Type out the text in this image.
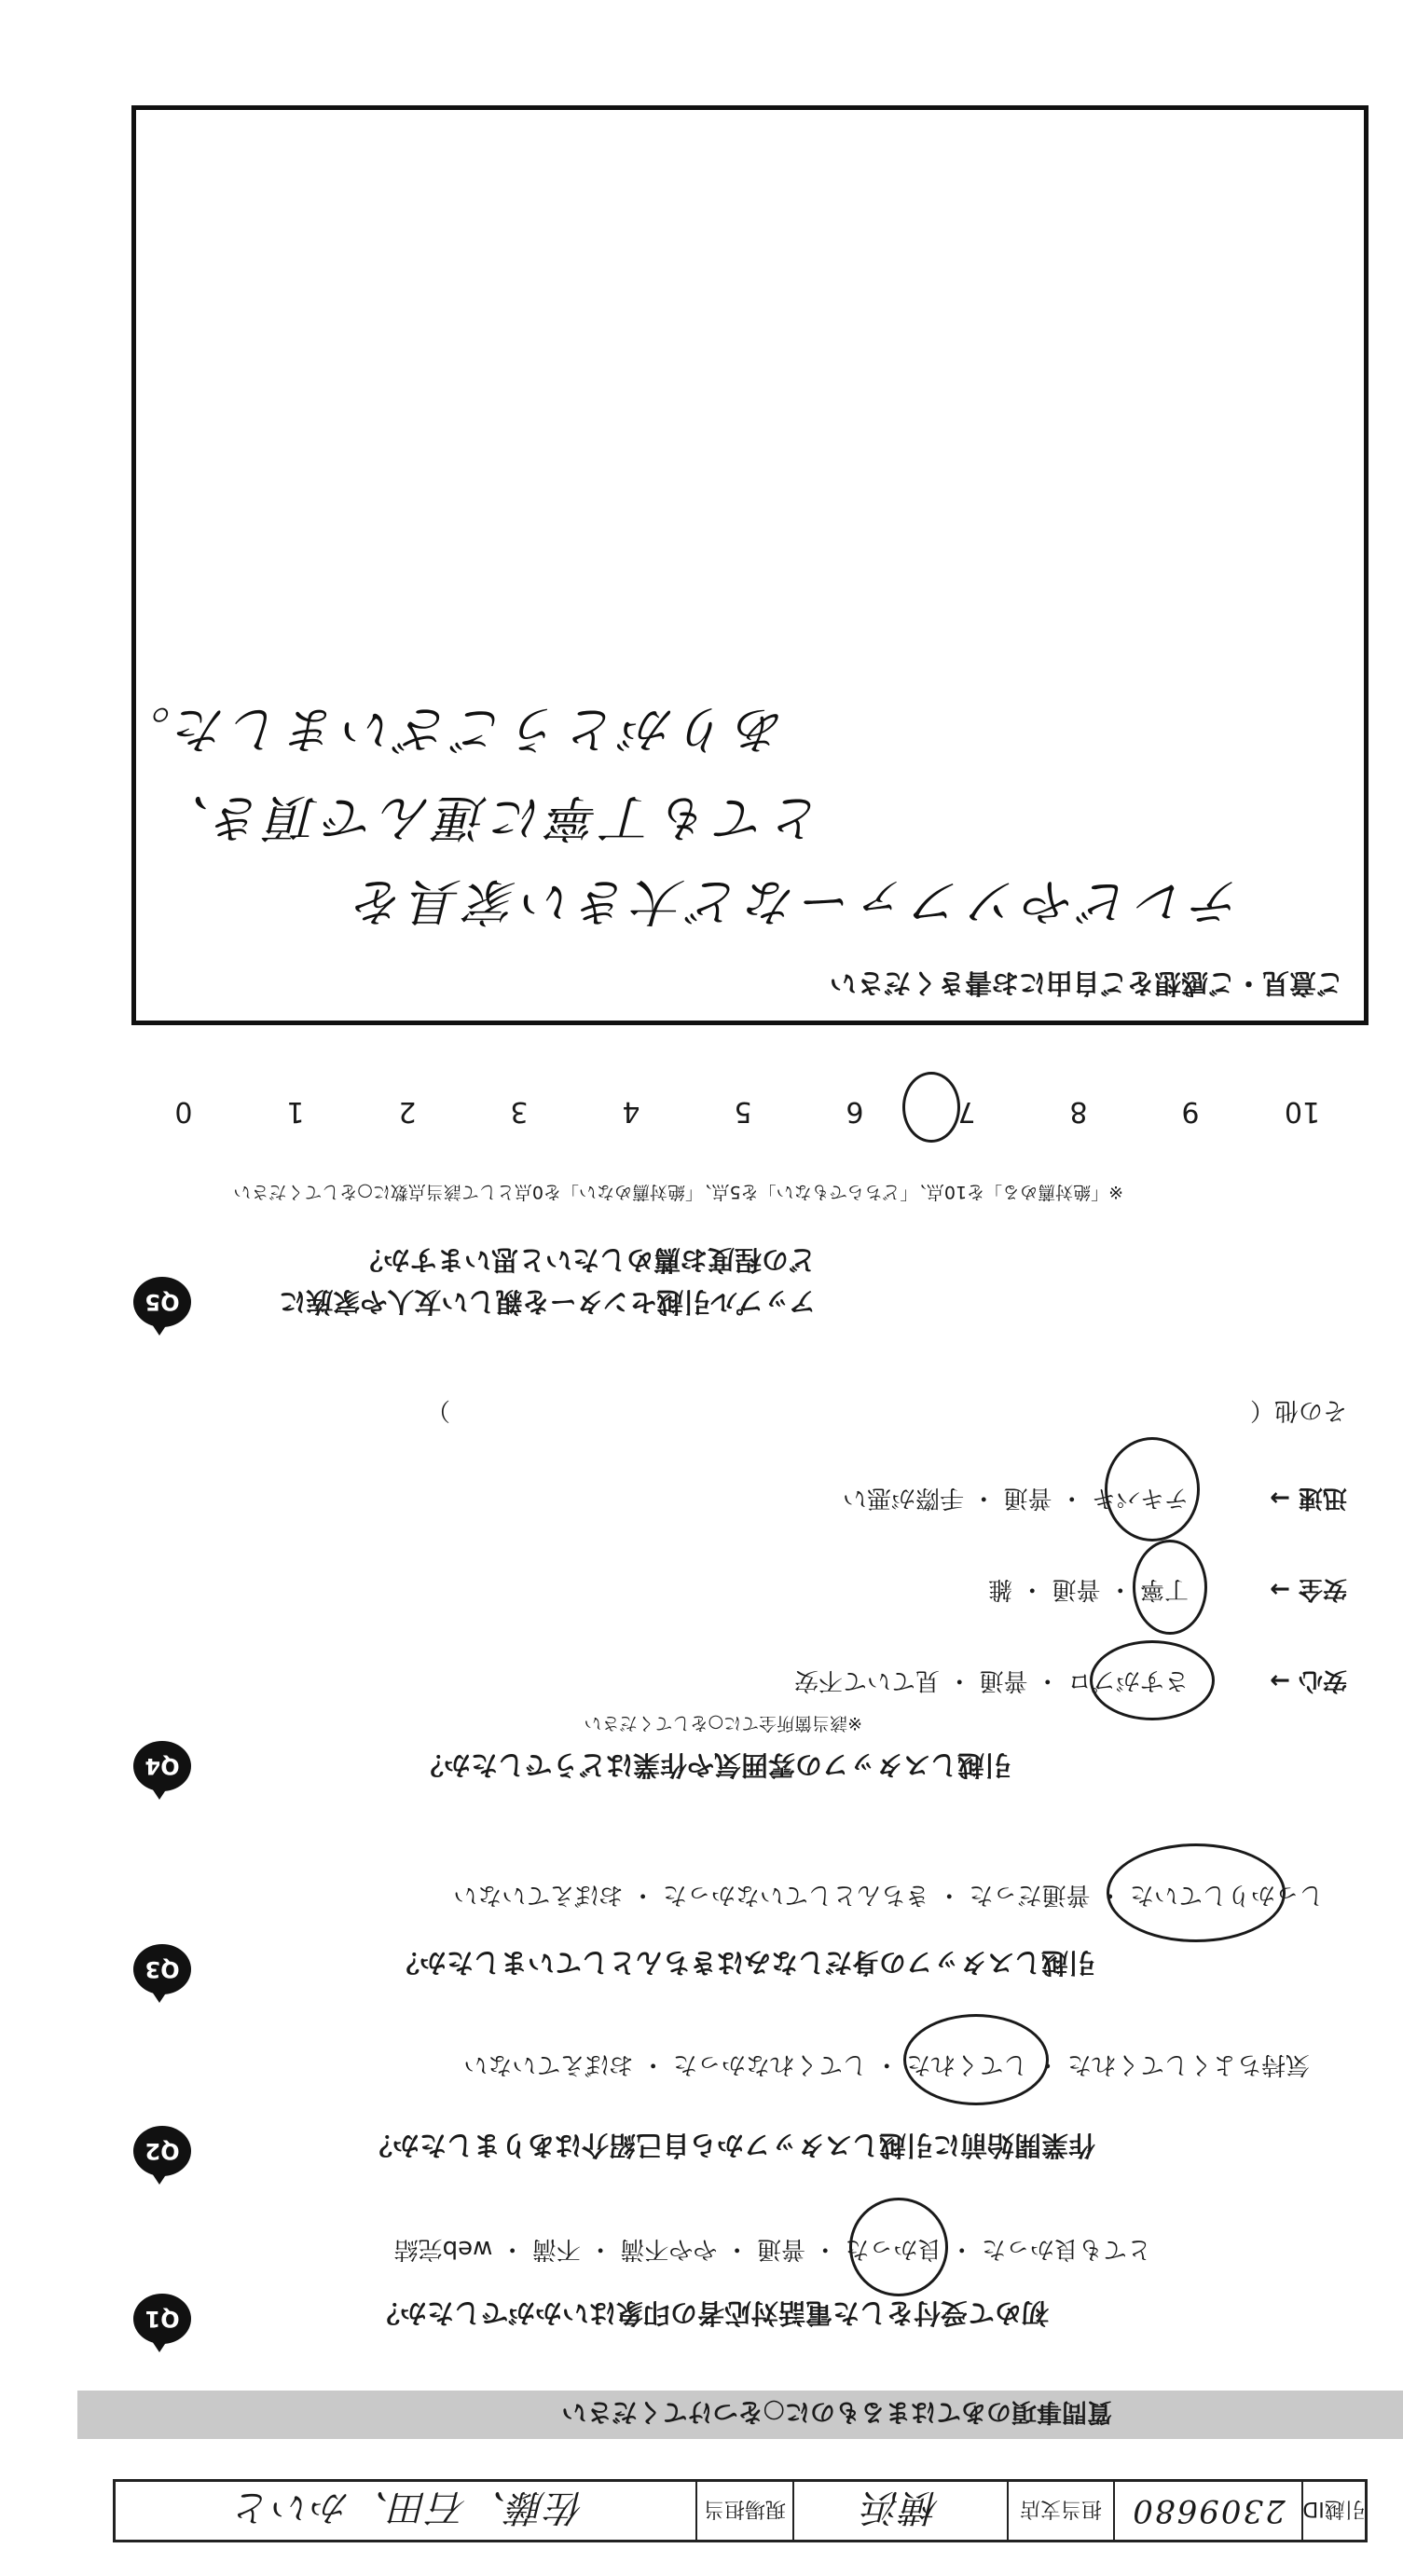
引越ID
2309680
担当支店
横浜
現場担当
佐藤、石田、かいと
質問事項のあてはまるものに○をつけてください
Q1	初めて受付をした電話対応者の印象はいかがでしたか？
とても良かった ・ 良かった ・ 普通 ・ やや不満 ・ 不満 ・ web完結
Q2	作業開始前に引越しスタッフから自己紹介はありましたか？
気持ちよくしてくれた ・ してくれた ・ してくれなかった ・ おぼえていない
Q3	引越しスタッフの身だしなみはきちんとしていましたか？
しっかりしていた ・ 普通だった ・ きちんとしていなかった ・ おぼえていない
Q4	引越しスタッフの雰囲気や作業はどうでしたか？
※該当箇所全てに○をしてください
安心 →
さすがプロ ・ 普通 ・ 見ていて不安
安全 →
丁寧 ・ 普通 ・ 雑
迅速 →
テキパキ ・ 普通 ・ 手際が悪い
その他（　　　　　　　　　　　　　　　　　　　　　　　　　　　　　　　　　）
Q5	アップル引越センターを親しい友人や家族に
どの程度お薦めしたいと思いますか？
※「絶対薦める」を10点、「どちらでもない」を5点、「絶対薦めない」を0点として該当点数に○をしてください
10
9
8
7
6
5
4
3
2
1
0
ご意見・ご感想をご自由にお書きください
テレビやソファーなど大きい家具を
とても丁寧に運んで頂き、
ありがとうございました。
